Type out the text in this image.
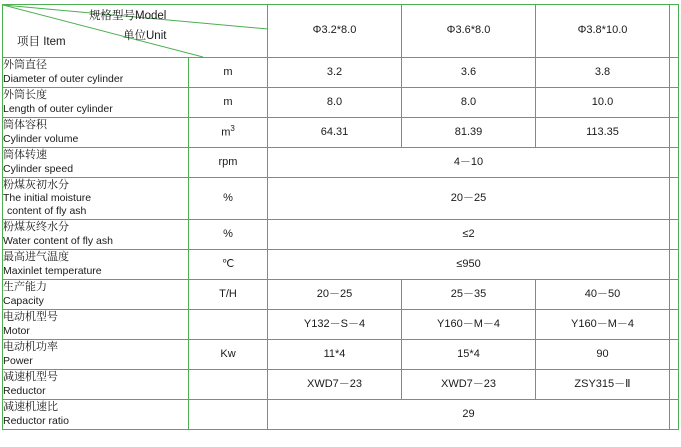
规格型号Model
单位Unit
项目 Item		Φ3.2*8.0	Φ3.6*8.0	Φ3.8*10.0	

外筒直径
Diameter of outer cylinder	m	3.2	3.6	3.8	

外筒长度
Length of outer cylinder	m	8.0	8.0	10.0	

筒体容积
Cylinder volume	$m^3$	64.31	81.39	113.35	

筒体转速
Cylinder speed	rpm	4－10			

粉煤灰初水分
The initial moisture
content of fly ash	%	20－25			

粉煤灰终水分
Water content of fly ash	%	≤2			

最高进气温度
Maxinlet temperature	℃	≤950			

生产能力
Capacity	T/H	20－25	25－35	40－50	

电动机型号
Motor		Y132－S－4	Y160－M－4	Y160－M－4	

电动机功率
Power	Kw	11*4	15*4	90	

减速机型号
Reductor		XWD7－23	XWD7－23	ZSY315－Ⅱ	

减速机速比
Reductor ratio		29			
